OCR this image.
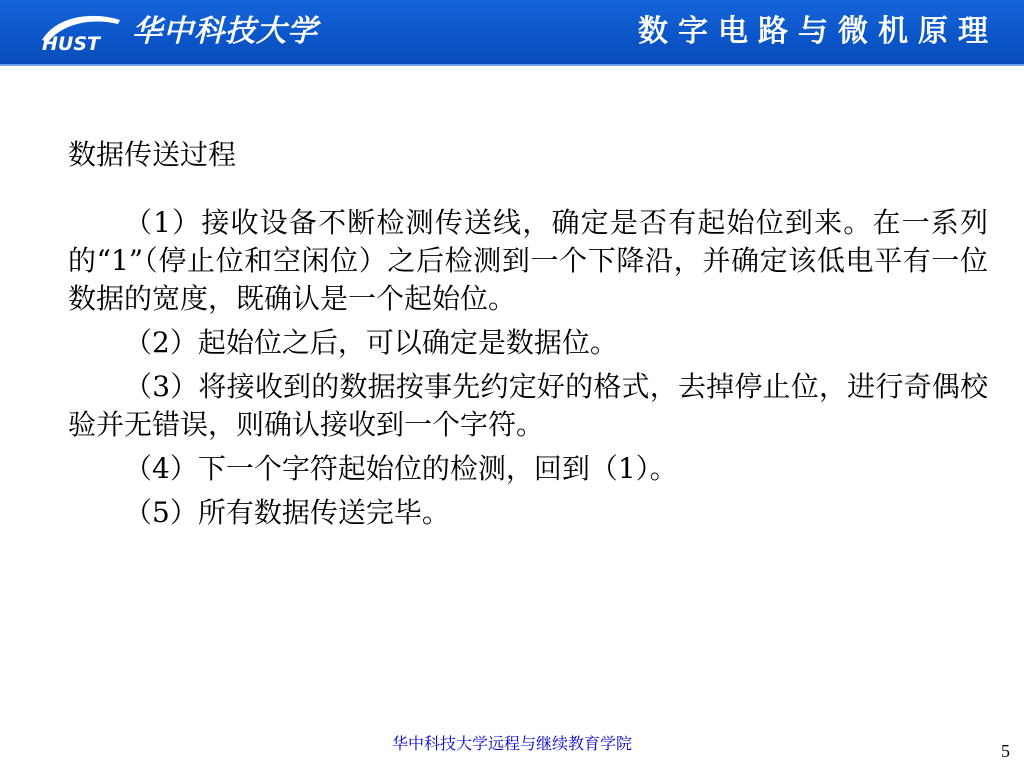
HUST 华中科技大学	数字电路与微机原理
数据传送过程

（1）接收设备不断检测传送线，确定是否有起始位到来。在一系列的“1”（停止位和空闲位）之后检测到一个下降沿，并确定该低电平有一位数据的宽度，既确认是一个起始位。

（2）起始位之后，可以确定是数据位。

（3）将接收到的数据按事先约定好的格式，去掉停止位，进行奇偶校验并无错误，则确认接收到一个字符。

（4）下一个字符起始位的检测，回到（1）。

（5）所有数据传送完毕。

华中科技大学远程与继续教育学院	5
